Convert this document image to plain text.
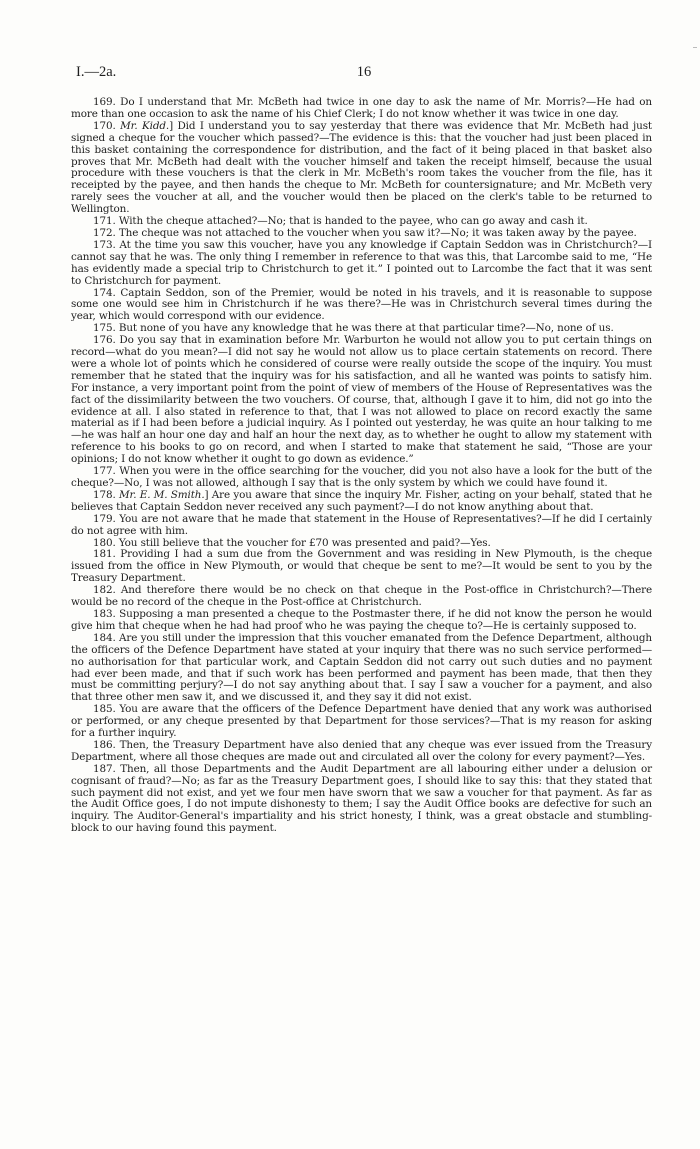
I.—2a.	16

169. Do I understand that Mr. McBeth had twice in one day to ask the name of Mr. Morris?—He had on more than one occasion to ask the name of his Chief Clerk; I do not know whether it was twice in one day.

170. Mr. Kidd.] Did I understand you to say yesterday that there was evidence that Mr. McBeth had just signed a cheque for the voucher which passed?—The evidence is this: that the voucher had just been placed in this basket containing the correspondence for distribution, and the fact of it being placed in that basket also proves that Mr. McBeth had dealt with the voucher himself and taken the receipt himself, because the usual procedure with these vouchers is that the clerk in Mr. McBeth's room takes the voucher from the file, has it receipted by the payee, and then hands the cheque to Mr. McBeth for countersignature; and Mr. McBeth very rarely sees the voucher at all, and the voucher would then be placed on the clerk's table to be returned to Wellington.

171. With the cheque attached?—No; that is handed to the payee, who can go away and cash it.

172. The cheque was not attached to the voucher when you saw it?—No; it was taken away by the payee.

173. At the time you saw this voucher, have you any knowledge if Captain Seddon was in Christchurch?—I cannot say that he was. The only thing I remember in reference to that was this, that Larcombe said to me, “He has evidently made a special trip to Christchurch to get it.” I pointed out to Larcombe the fact that it was sent to Christchurch for payment.

174. Captain Seddon, son of the Premier, would be noted in his travels, and it is reasonable to suppose some one would see him in Christchurch if he was there?—He was in Christchurch several times during the year, which would correspond with our evidence.

175. But none of you have any knowledge that he was there at that particular time?—No, none of us.

176. Do you say that in examination before Mr. Warburton he would not allow you to put certain things on record—what do you mean?—I did not say he would not allow us to place certain statements on record. There were a whole lot of points which he considered of course were really outside the scope of the inquiry. You must remember that he stated that the inquiry was for his satisfaction, and all he wanted was points to satisfy him. For instance, a very important point from the point of view of members of the House of Representatives was the fact of the dissimilarity between the two vouchers. Of course, that, although I gave it to him, did not go into the evidence at all. I also stated in reference to that, that I was not allowed to place on record exactly the same material as if I had been before a judicial inquiry. As I pointed out yesterday, he was quite an hour talking to me—he was half an hour one day and half an hour the next day, as to whether he ought to allow my statement with reference to his books to go on record, and when I started to make that statement he said, “Those are your opinions; I do not know whether it ought to go down as evidence.”

177. When you were in the office searching for the voucher, did you not also have a look for the butt of the cheque?—No, I was not allowed, although I say that is the only system by which we could have found it.

178. Mr. E. M. Smith.] Are you aware that since the inquiry Mr. Fisher, acting on your behalf, stated that he believes that Captain Seddon never received any such payment?—I do not know anything about that.

179. You are not aware that he made that statement in the House of Representatives?—If he did I certainly do not agree with him.

180. You still believe that the voucher for £70 was presented and paid?—Yes.

181. Providing I had a sum due from the Government and was residing in New Plymouth, is the cheque issued from the office in New Plymouth, or would that cheque be sent to me?—It would be sent to you by the Treasury Department.

182. And therefore there would be no check on that cheque in the Post-office in Christchurch?—There would be no record of the cheque in the Post-office at Christchurch.

183. Supposing a man presented a cheque to the Postmaster there, if he did not know the person he would give him that cheque when he had had proof who he was paying the cheque to?—He is certainly supposed to.

184. Are you still under the impression that this voucher emanated from the Defence Department, although the officers of the Defence Department have stated at your inquiry that there was no such service performed—no authorisation for that particular work, and Captain Seddon did not carry out such duties and no payment had ever been made, and that if such work has been performed and payment has been made, that then they must be committing perjury?—I do not say anything about that. I say I saw a voucher for a payment, and also that three other men saw it, and we discussed it, and they say it did not exist.

185. You are aware that the officers of the Defence Department have denied that any work was authorised or performed, or any cheque presented by that Department for those services?—That is my reason for asking for a further inquiry.

186. Then, the Treasury Department have also denied that any cheque was ever issued from the Treasury Department, where all those cheques are made out and circulated all over the colony for every payment?—Yes.

187. Then, all those Departments and the Audit Department are all labouring either under a delusion or cognisant of fraud?—No; as far as the Treasury Department goes, I should like to say this: that they stated that such payment did not exist, and yet we four men have sworn that we saw a voucher for that payment. As far as the Audit Office goes, I do not impute dishonesty to them; I say the Audit Office books are defective for such an inquiry. The Auditor-General's impartiality and his strict honesty, I think, was a great obstacle and stumbling-block to our having found this payment.
